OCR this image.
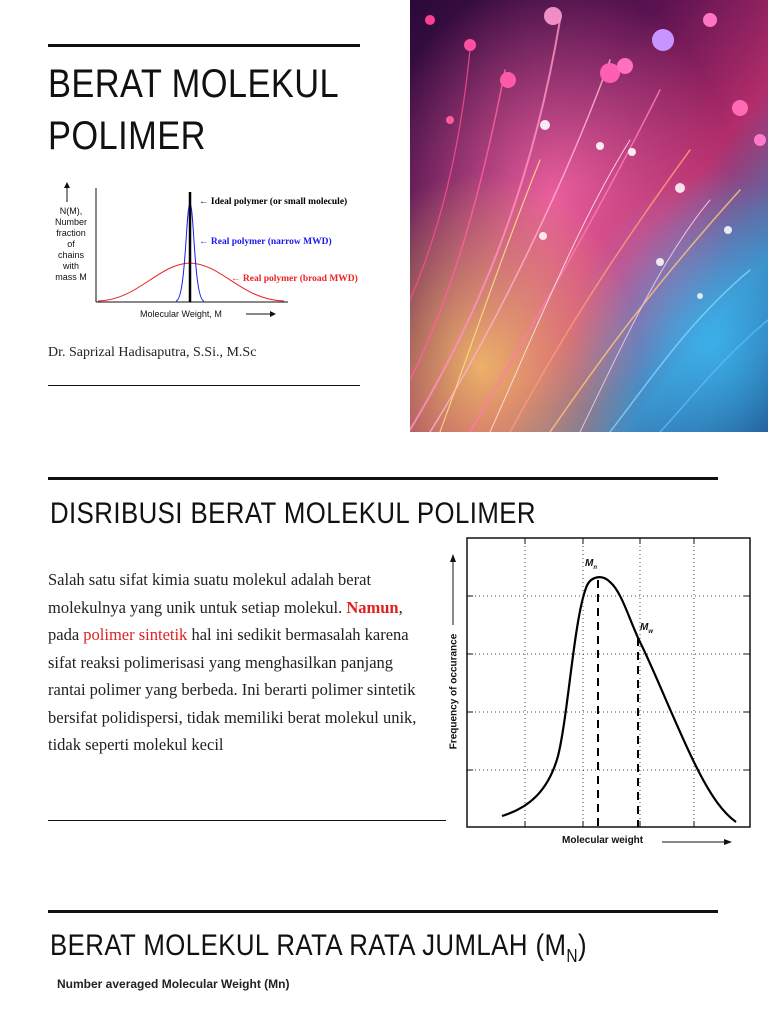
BERAT MOLEKUL
POLIMER
N(M),
Number
fraction
of
chains
with
mass M
Molecular Weight, M
← Ideal polymer (or small molecule)
← Real polymer (narrow MWD)
← Real polymer (broad MWD)
Dr. Saprizal Hadisaputra, S.Si., M.Sc
DISRIBUSI BERAT MOLEKUL POLIMER
Salah satu sifat kimia suatu molekul adalah berat molekulnya yang unik untuk setiap molekul. Namun, pada polimer sintetik hal ini sedikit bermasalah karena sifat reaksi polimerisasi yang menghasilkan panjang rantai polimer yang berbeda. Ini berarti polimer sintetik bersifat polidispersi, tidak memiliki berat molekul unik, tidak seperti molekul kecil	Frequency of occurance
Molecular weight
$M_n$
$M_w$
BERAT MOLEKUL RATA RATA JUMLAH $(M_N)$
Number averaged Molecular Weight (Mn)
